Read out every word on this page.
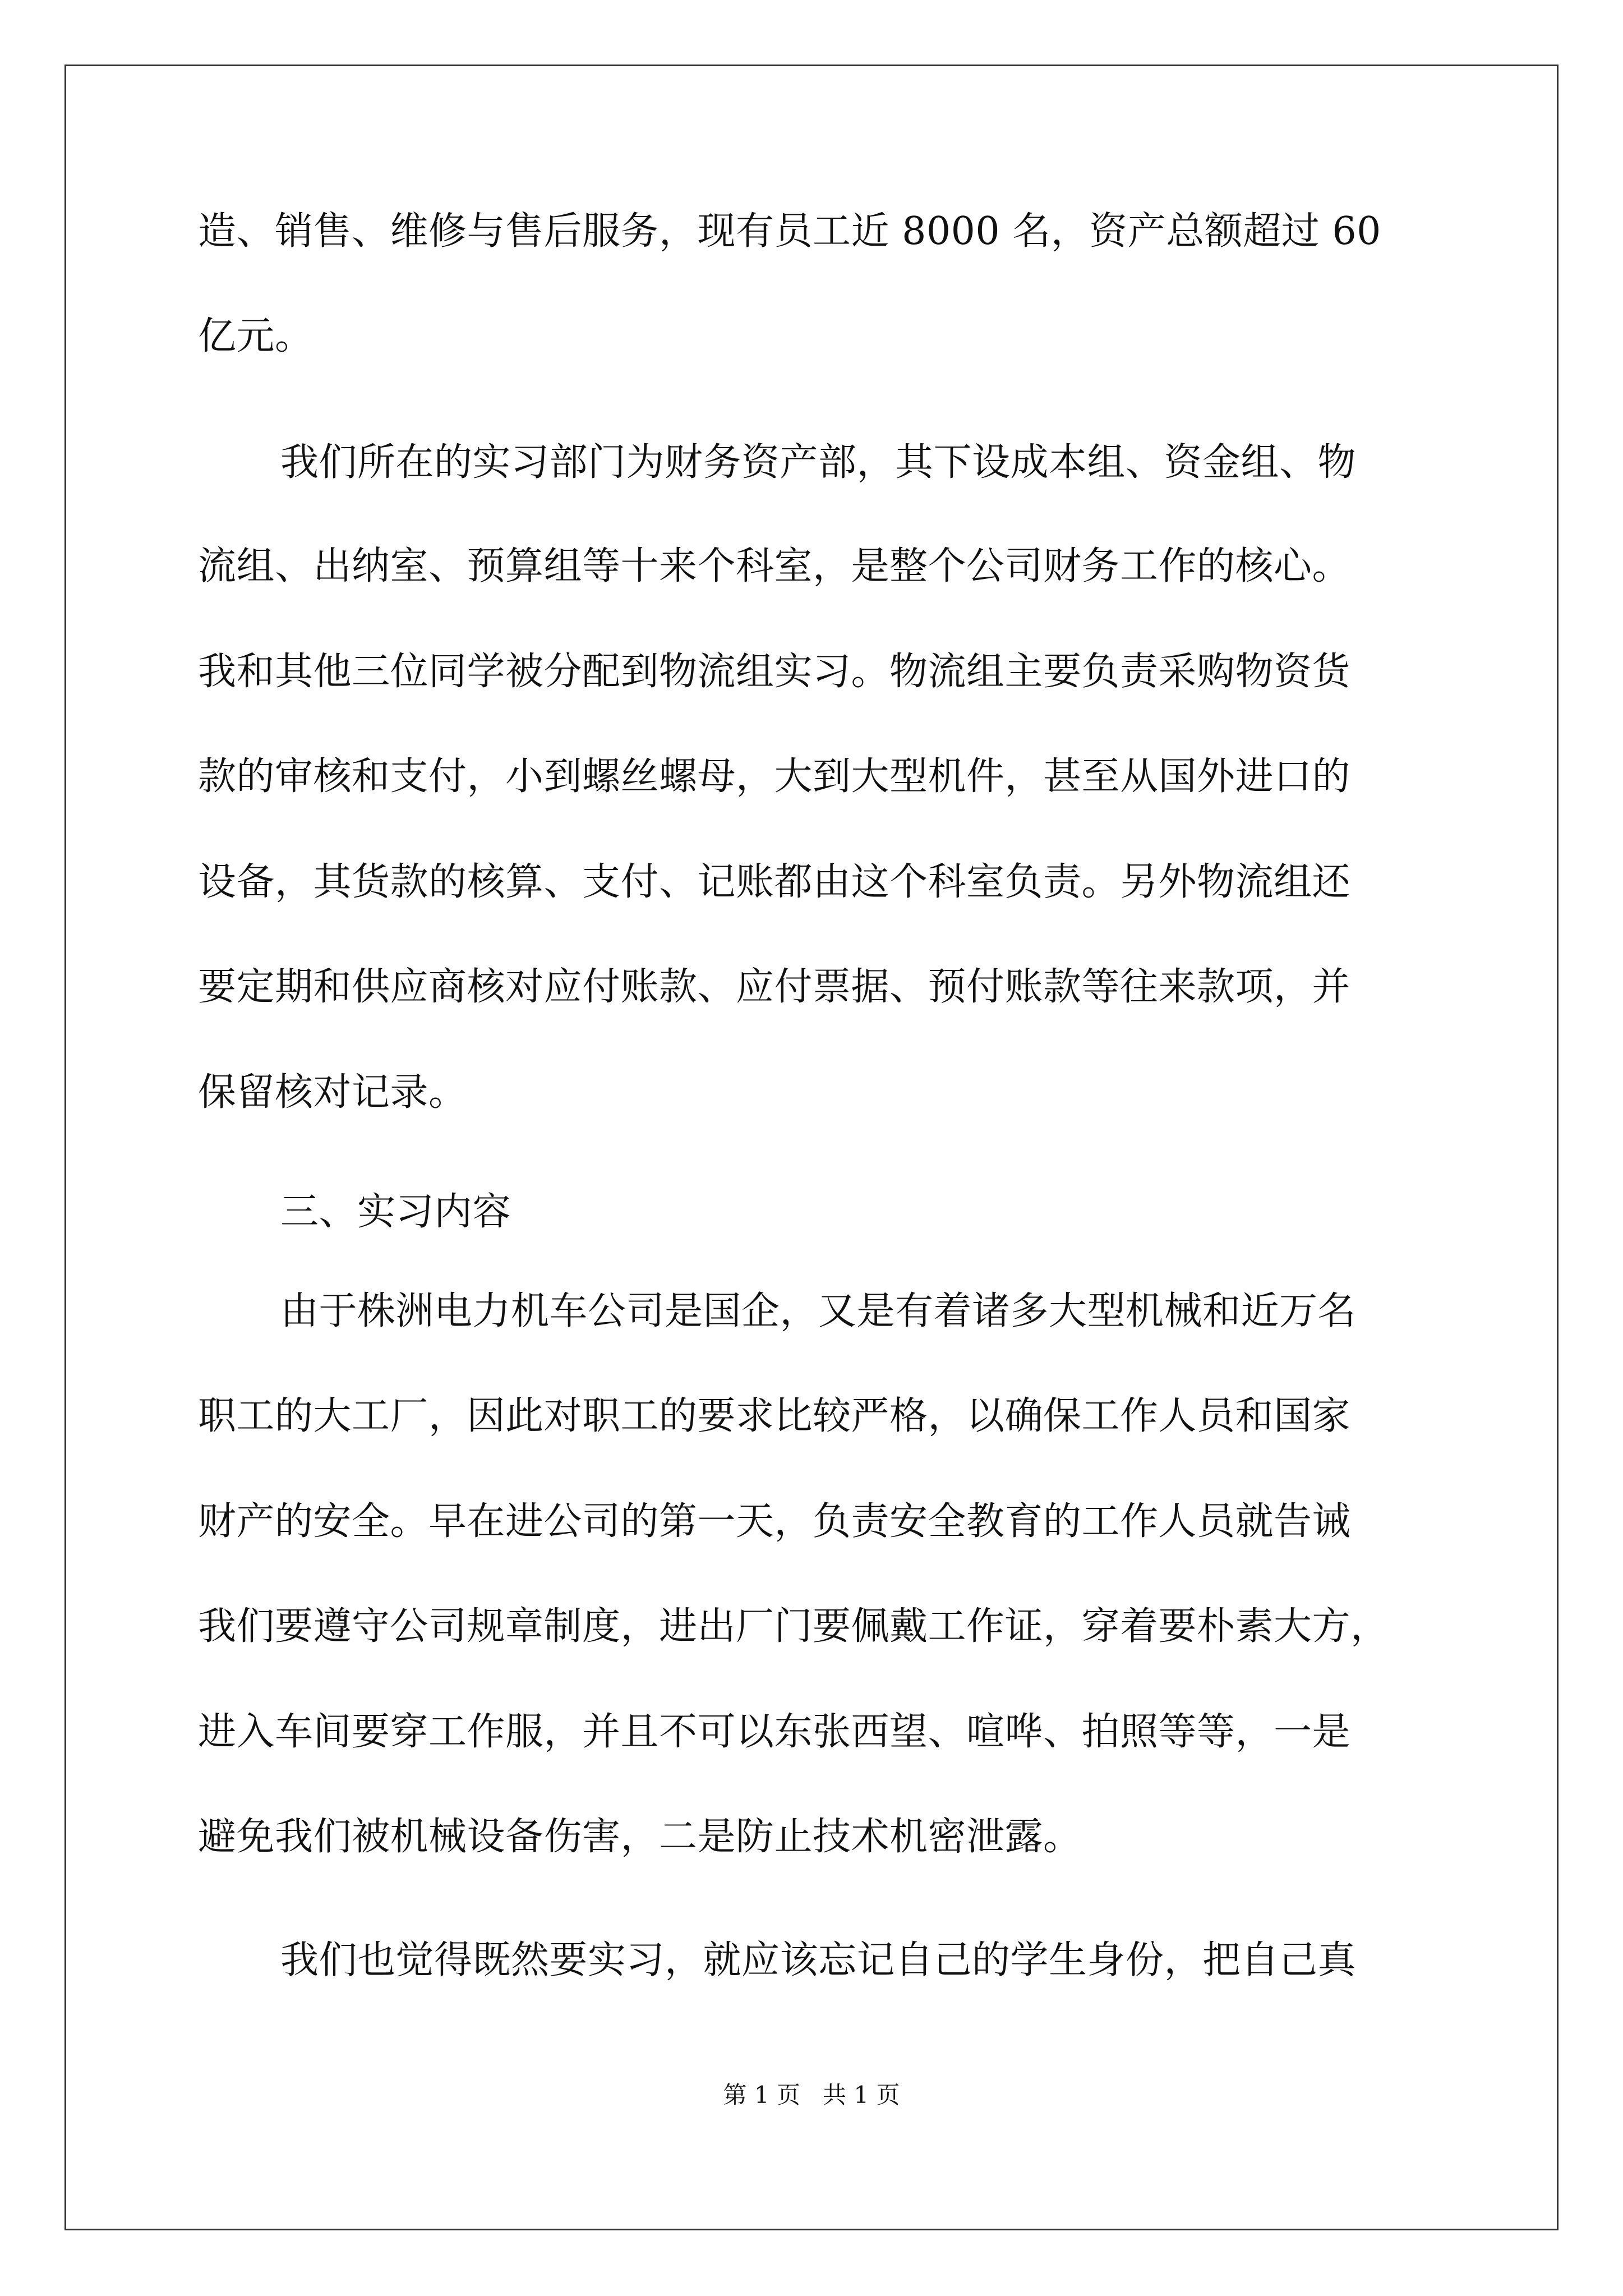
造、销售、维修与售后服务，现有员工近 8000 名，资产总额超过 60

亿元。

我们所在的实习部门为财务资产部，其下设成本组、资金组、物

流组、出纳室、预算组等十来个科室，是整个公司财务工作的核心。

我和其他三位同学被分配到物流组实习。物流组主要负责采购物资货

款的审核和支付，小到螺丝螺母，大到大型机件，甚至从国外进口的

设备，其货款的核算、支付、记账都由这个科室负责。另外物流组还

要定期和供应商核对应付账款、应付票据、预付账款等往来款项，并

保留核对记录。

三、实习内容

由于株洲电力机车公司是国企，又是有着诸多大型机械和近万名

职工的大工厂，因此对职工的要求比较严格，以确保工作人员和国家

财产的安全。早在进公司的第一天，负责安全教育的工作人员就告诫

我们要遵守公司规章制度，进出厂门要佩戴工作证，穿着要朴素大方，

进入车间要穿工作服，并且不可以东张西望、喧哗、拍照等等，一是

避免我们被机械设备伤害，二是防止技术机密泄露。

我们也觉得既然要实习，就应该忘记自己的学生身份，把自己真

第 1 页   共 1 页
